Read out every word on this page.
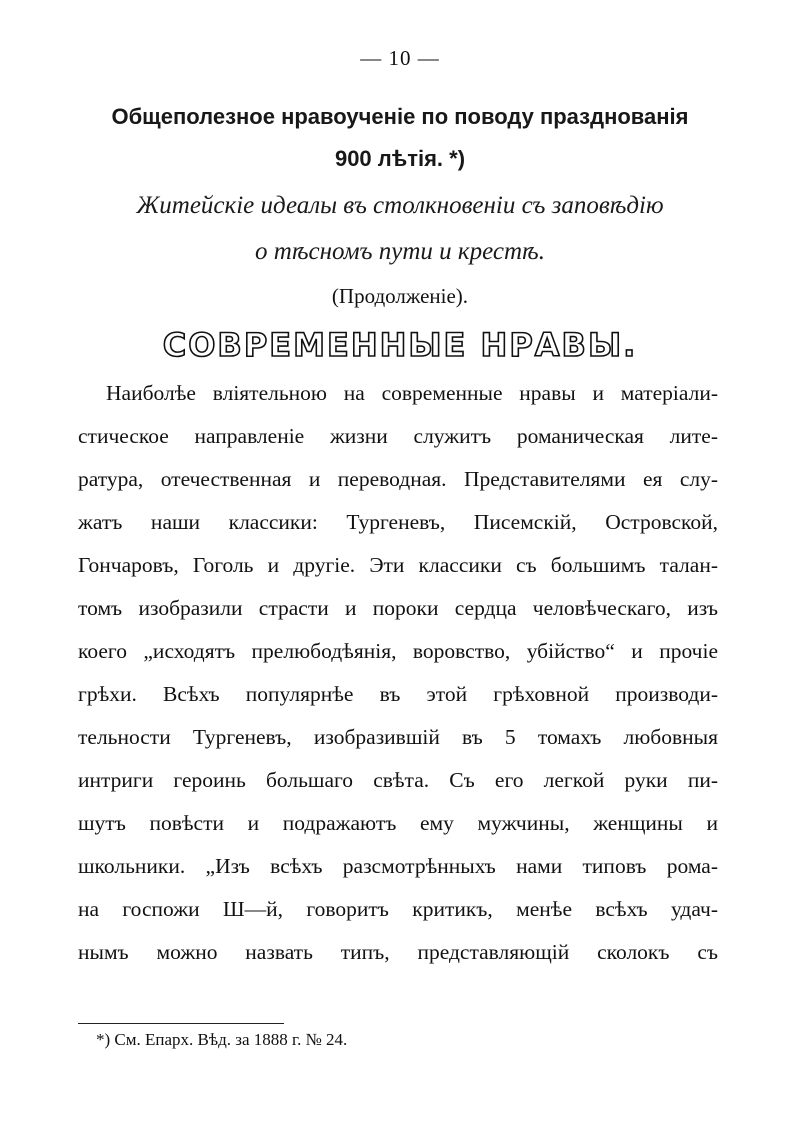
— 10 —
Общеполезное нравоученіе по поводу празднованія
900 лѣтія. *)
Житейскіе идеалы въ столкновеніи съ заповѣдію
о тѣсномъ пути и крестѣ.
(Продолженіе).
СОВРЕМЕННЫЕ НРАВЫ.
Наиболѣе вліятельною на современные нравы и матеріали-
стическое направленіе жизни служитъ романическая лите-
ратура, отечественная и переводная. Представителями ея слу-
жатъ наши классики: Тургеневъ, Писемскій, Островской,
Гончаровъ, Гоголь и другіе. Эти классики съ большимъ талан-
томъ изобразили страсти и пороки сердца человѣческаго, изъ
коего „исходятъ прелюбодѣянія, воровство, убійство“ и прочіе
грѣхи. Всѣхъ популярнѣе въ этой грѣховной производи-
тельности Тургеневъ, изобразившій въ 5 томахъ любовныя
интриги героинь большаго свѣта. Съ его легкой руки пи-
шутъ повѣсти и подражаютъ ему мужчины, женщины и
школьники. „Изъ всѣхъ разсмотрѣнныхъ нами типовъ рома-
на госпожи Ш—й, говоритъ критикъ, менѣе всѣхъ удач-
нымъ можно назвать типъ, представляющій сколокъ съ
*) См. Епарх. Вѣд. за 1888 г. № 24.
